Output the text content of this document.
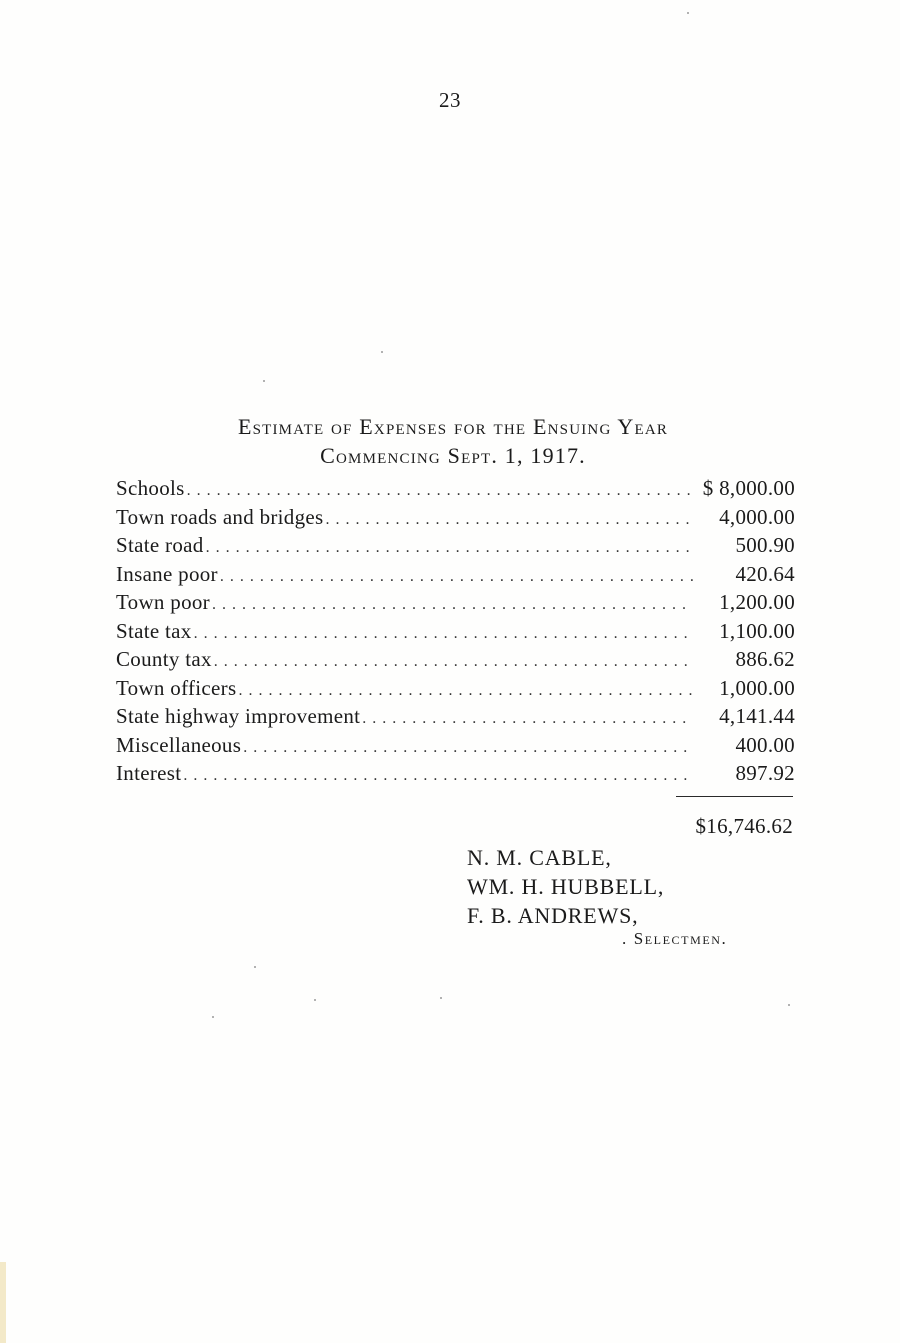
23
Estimate of Expenses for the Ensuing Year
Commencing Sept. 1, 1917.
Schools . . .	$ 8,000.00
Town roads and bridges . . .	4,000.00
State road . . .	500.90
Insane poor . . .	420.64
Town poor . . .	1,200.00
State tax . . .	1,100.00
County tax . . .	886.62
Town officers . . .	1,000.00
State highway improvement . . .	4,141.44
Miscellaneous . . .	400.00
Interest . . .	897.92
$16,746.62
N. M. CABLE,
WM. H. HUBBELL,
F. B. ANDREWS,
. Selectmen.
